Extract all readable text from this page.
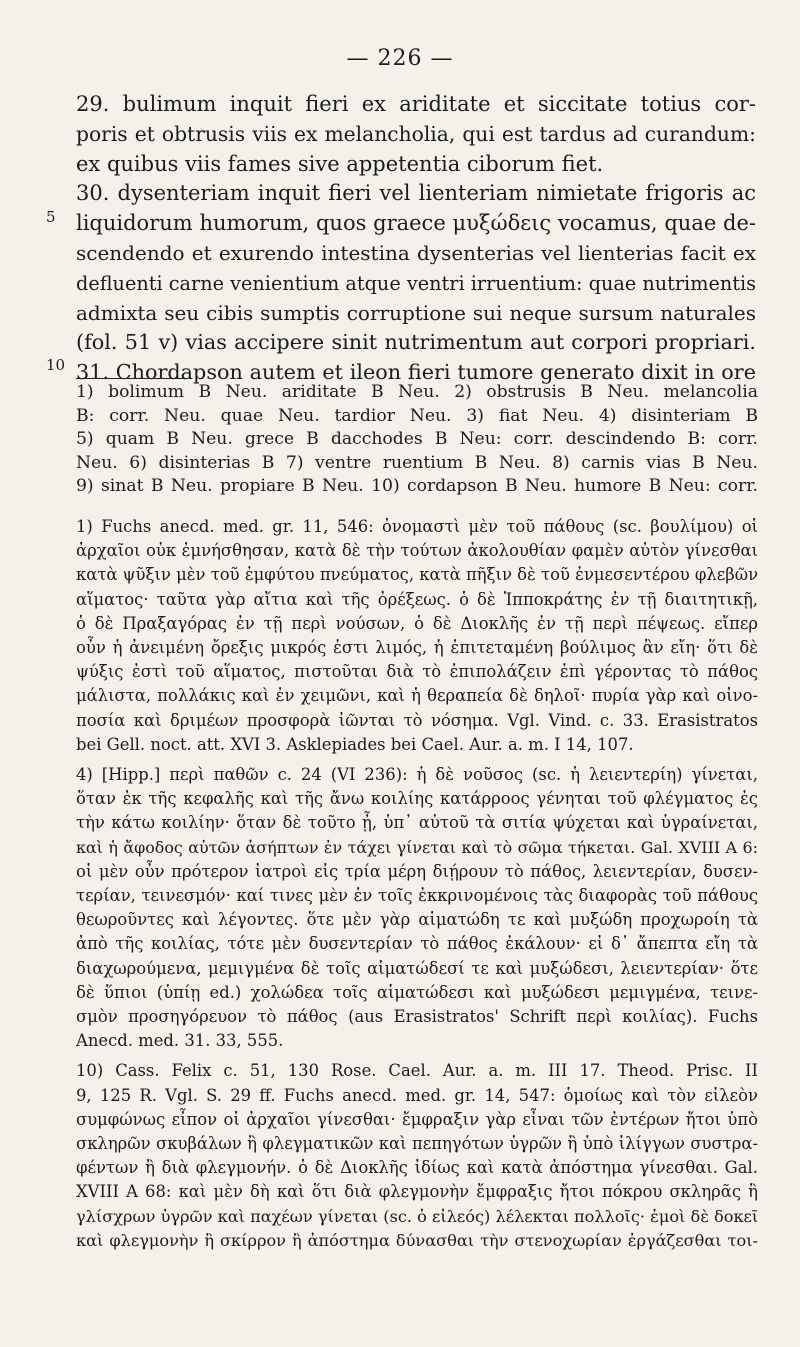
— 226 —
5
10
29. bulimum inquit fieri ex ariditate et siccitate totius cor-
poris et obtrusis viis ex melancholia, qui est tardus ad curandum:
ex quibus viis fames sive appetentia ciborum fiet.
30. dysenteriam inquit fieri vel lienteriam nimietate frigoris ac
liquidorum humorum, quos graece μυξώδεις vocamus, quae de-
scendendo et exurendo intestina dysenterias vel lienterias facit ex
defluenti carne venientium atque ventri irruentium: quae nutrimentis
admixta seu cibis sumptis corruptione sui neque sursum naturales
(fol. 51 v) vias accipere sinit nutrimentum aut corpori propriari.
31. Chordapson autem et ileon fieri tumore generato dixit in ore
1) bolimum B Neu. ariditate B Neu. 2) obstrusis B Neu. melancolia
B: corr. Neu. quae Neu. tardior Neu. 3) fiat Neu. 4) disinteriam B
5) quam B Neu. grece B dacchodes B Neu: corr. descindendo B: corr.
Neu. 6) disinterias B 7) ventre ruentium B Neu. 8) carnis vias B Neu.
9) sinat B Neu. propiare B Neu. 10) cordapson B Neu. humore B Neu: corr.
1) Fuchs anecd. med. gr. 11, 546: ὀνομαστὶ μὲν τοῦ πάθους (sc. βουλίμου) οἱ
ἀρχαῖοι οὐκ ἐμνήσθησαν, κατὰ δὲ τὴν τούτων ἀκολουθίαν φαμὲν αὐτὸν γίνεσθαι
κατὰ ψῦξιν μὲν τοῦ ἐμφύτου πνεύματος, κατὰ πῆξιν δὲ τοῦ ἐνμεσεντέρου φλεβῶν
αἵματος· ταῦτα γὰρ αἴτια καὶ τῆς ὀρέξεως. ὁ δὲ Ἱπποκράτης ἐν τῇ διαιτητικῇ,
ὁ δὲ Πραξαγόρας ἐν τῇ περὶ νούσων, ὁ δὲ Διοκλῆς ἐν τῇ περὶ πέψεως. εἴπερ
οὖν ἡ ἀνειμένη ὄρεξις μικρός ἐστι λιμός, ἡ ἐπιτεταμένη βούλιμος ἂν εἴη· ὅτι δὲ
ψύξις ἐστὶ τοῦ αἵματος, πιστοῦται διὰ τὸ ἐπιπολάζειν ἐπὶ γέροντας τὸ πάθος
μάλιστα, πολλάκις καὶ ἐν χειμῶνι, καὶ ἡ θεραπεία δὲ δηλοῖ· πυρία γὰρ καὶ οἰνο-
ποσία καὶ δριμέων προσφορὰ ἰῶνται τὸ νόσημα. Vgl. Vind. c. 33. Erasistratos
bei Gell. noct. att. XVI 3. Asklepiades bei Cael. Aur. a. m. I 14, 107.
4) [Hipp.] περὶ παθῶν c. 24 (VI 236): ἡ δὲ νοῦσος (sc. ἡ λειεντερίη) γίνεται,
ὅταν ἐκ τῆς κεφαλῆς καὶ τῆς ἄνω κοιλίης κατάρροος γένηται τοῦ φλέγματος ἐς
τὴν κάτω κοιλίην· ὅταν δὲ τοῦτο ᾖ, ὑπ᾽ αὐτοῦ τὰ σιτία ψύχεται καὶ ὑγραίνεται,
καὶ ἡ ἄφοδος αὐτῶν ἀσήπτων ἐν τάχει γίνεται καὶ τὸ σῶμα τήκεται. Gal. XVIII A 6:
οἱ μὲν οὖν πρότερον ἰατροὶ εἰς τρία μέρη διῄρουν τὸ πάθος, λειεντερίαν, δυσεν-
τερίαν, τεινεσμόν· καί τινες μὲν ἐν τοῖς ἐκκρινομένοις τὰς διαφορὰς τοῦ πάθους
θεωροῦντες καὶ λέγοντες. ὅτε μὲν γὰρ αἱματώδη τε καὶ μυξώδη προχωροίη τὰ
ἀπὸ τῆς κοιλίας, τότε μὲν δυσεντερίαν τὸ πάθος ἐκάλουν· εἰ δ᾽ ἄπεπτα εἴη τὰ
διαχωρούμενα, μεμιγμένα δὲ τοῖς αἱματώδεσί τε καὶ μυξώδεσι, λειεντερίαν· ὅτε
δὲ ὕπιοι (ὑπίῃ ed.) χολώδεα τοῖς αἱματώδεσι καὶ μυξώδεσι μεμιγμένα, τεινε-
σμὸν προσηγόρευον τὸ πάθος (aus Erasistratos' Schrift περὶ κοιλίας). Fuchs
Anecd. med. 31. 33, 555.
10) Cass. Felix c. 51, 130 Rose. Cael. Aur. a. m. III 17. Theod. Prisc. II
9, 125 R. Vgl. S. 29 ff. Fuchs anecd. med. gr. 14, 547: ὁμοίως καὶ τὸν εἰλεὸν
συμφώνως εἶπον οἱ ἀρχαῖοι γίνεσθαι· ἔμφραξιν γὰρ εἶναι τῶν ἐντέρων ἤτοι ὑπὸ
σκληρῶν σκυβάλων ἢ φλεγματικῶν καὶ πεπηγότων ὑγρῶν ἢ ὑπὸ ἰλίγγων συστρα-
φέντων ἢ διὰ φλεγμονήν. ὁ δὲ Διοκλῆς ἰδίως καὶ κατὰ ἀπόστημα γίνεσθαι. Gal.
XVIII A 68: καὶ μὲν δὴ καὶ ὅτι διὰ φλεγμονὴν ἔμφραξις ἤτοι πόκρου σκληρᾶς ἢ
γλίσχρων ὑγρῶν καὶ παχέων γίνεται (sc. ὁ εἰλεός) λέλεκται πολλοῖς· ἐμοὶ δὲ δοκεῖ
καὶ φλεγμονὴν ἢ σκίρρον ἢ ἀπόστημα δύνασθαι τὴν στενοχωρίαν ἐργάζεσθαι τοι-
